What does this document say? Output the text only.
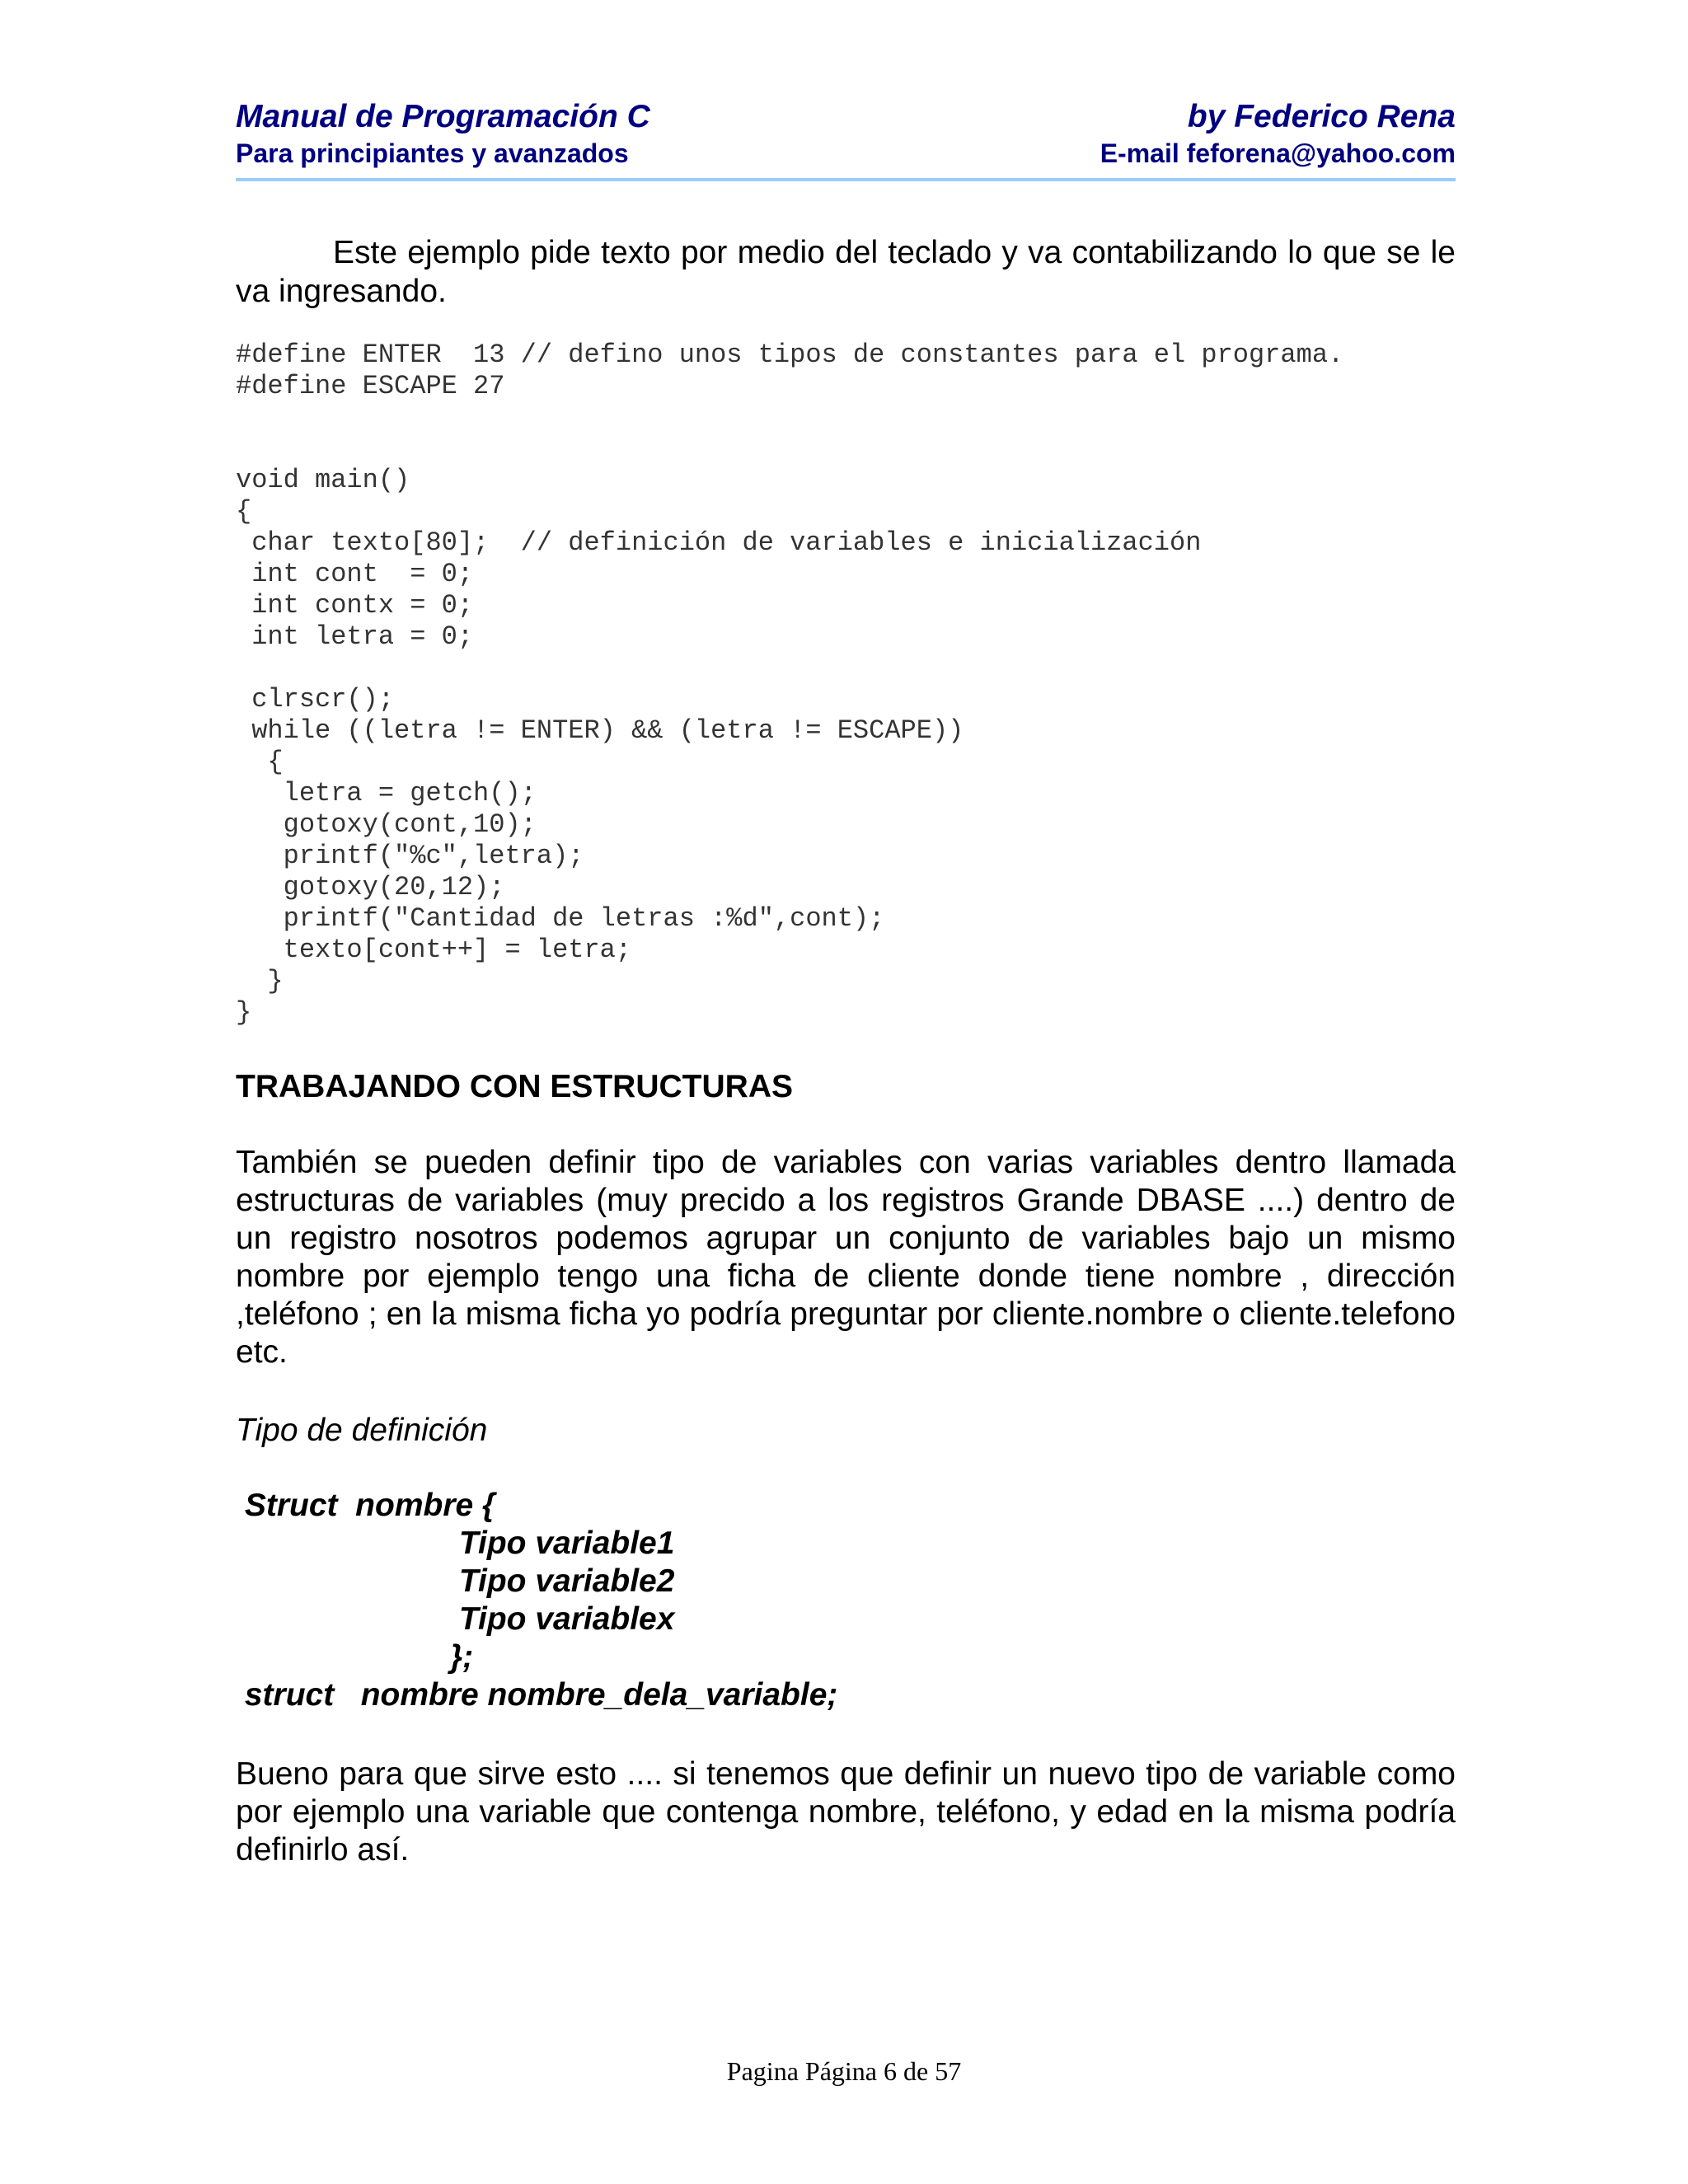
Manual de Programación C	by Federico Rena
Para principiantes y avanzados	E-mail feforena@yahoo.com

Este ejemplo pide texto por medio del teclado y va contabilizando lo que se le va ingresando.

#define ENTER  13 // defino unos tipos de constantes para el programa.
#define ESCAPE 27

void main()
{
char texto[80];  // definición de variables e inicialización
int cont  = 0;
int contx = 0;
int letra = 0;

clrscr();
while ((letra != ENTER) && (letra != ESCAPE))
{
letra = getch();
gotoxy(cont,10);
printf("%c",letra);
gotoxy(20,12);
printf("Cantidad de letras :%d",cont);
texto[cont++] = letra;
}
}
TRABAJANDO CON ESTRUCTURAS

También se pueden definir tipo de variables con varias variables dentro llamada estructuras de variables (muy precido a los registros Grande DBASE ....) dentro de un registro nosotros podemos agrupar un conjunto de variables bajo un mismo nombre por ejemplo tengo una ficha de cliente donde tiene nombre , dirección ,teléfono ; en la misma ficha yo podría preguntar por cliente.nombre o cliente.telefono etc.

Tipo de definición

Struct  nombre {
Tipo variable1
Tipo variable2
Tipo variablex
};
struct   nombre nombre_dela_variable;

Bueno para que sirve esto .... si tenemos que definir un nuevo tipo de variable como por ejemplo una variable que contenga nombre, teléfono, y edad en la misma podría definirlo así.

Pagina Página 6 de 57
